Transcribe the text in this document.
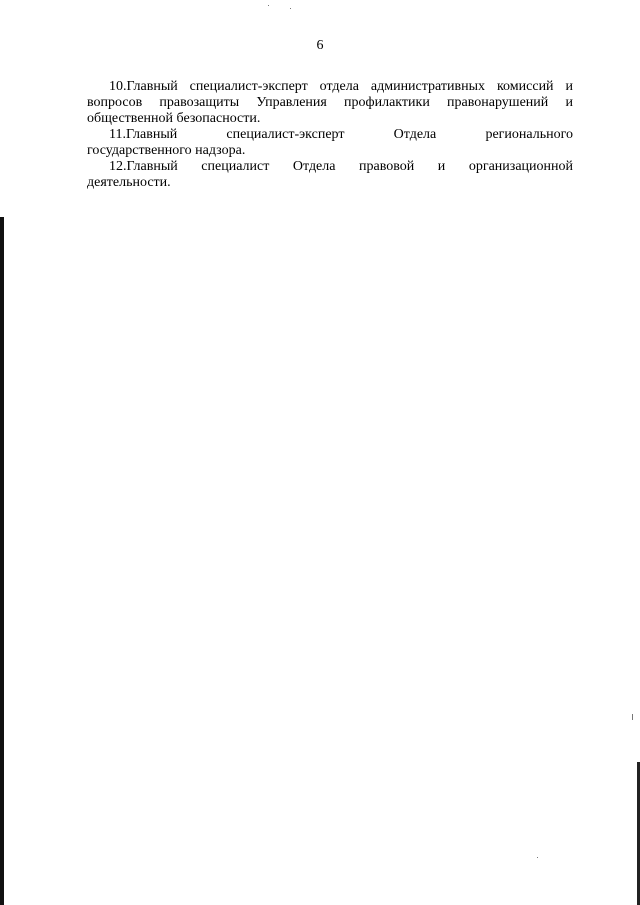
6

10.Главный специалист-эксперт отдела административных комиссий и
вопросов правозащиты Управления профилактики правонарушений и
общественной безопасности.

11.Главный специалист-эксперт Отдела регионального
государственного надзора.

12.Главный специалист Отдела правовой и организационной
деятельности.
